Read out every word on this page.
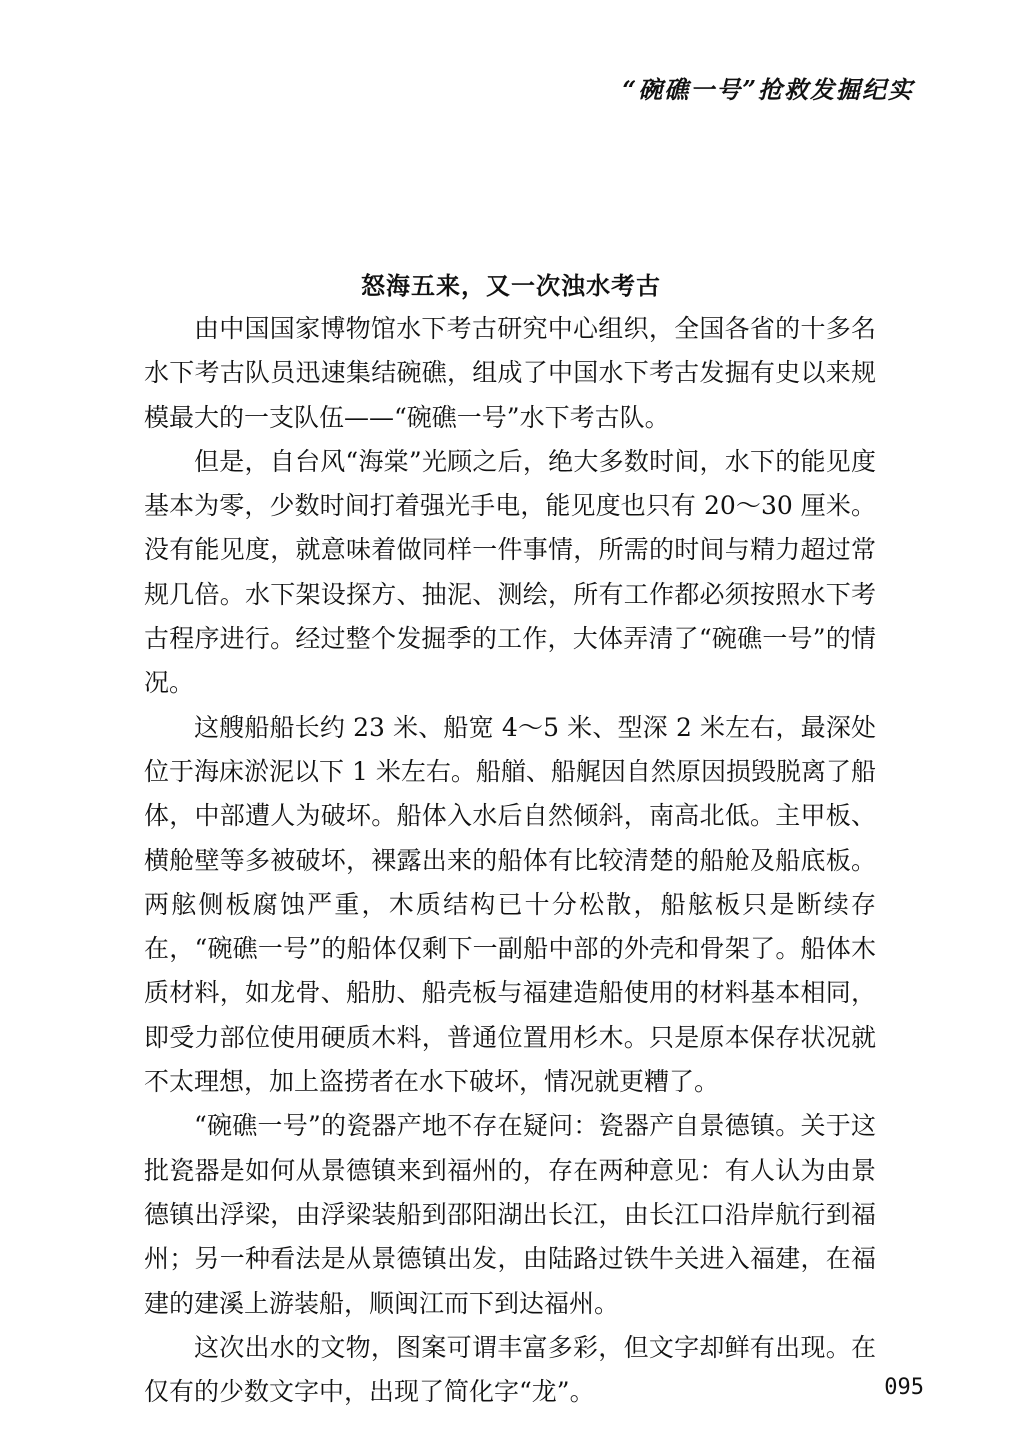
“碗礁一号”抢救发掘纪实
怒海五来，又一次浊水考古

由中国国家博物馆水下考古研究中心组织，全国各省的十多名水下考古队员迅速集结碗礁，组成了中国水下考古发掘有史以来规模最大的一支队伍——“碗礁一号”水下考古队。

但是，自台风“海棠”光顾之后，绝大多数时间，水下的能见度基本为零，少数时间打着强光手电，能见度也只有 20～30 厘米。没有能见度，就意味着做同样一件事情，所需的时间与精力超过常规几倍。水下架设探方、抽泥、测绘，所有工作都必须按照水下考古程序进行。经过整个发掘季的工作，大体弄清了“碗礁一号”的情况。

这艘船船长约 23 米、船宽 4～5 米、型深 2 米左右，最深处位于海床淤泥以下 1 米左右。船艏、船艉因自然原因损毁脱离了船体，中部遭人为破坏。船体入水后自然倾斜，南高北低。主甲板、横舱壁等多被破坏，裸露出来的船体有比较清楚的船舱及船底板。两舷侧板腐蚀严重，木质结构已十分松散，船舷板只是断续存在，“碗礁一号”的船体仅剩下一副船中部的外壳和骨架了。船体木质材料，如龙骨、船肋、船壳板与福建造船使用的材料基本相同，即受力部位使用硬质木料，普通位置用杉木。只是原本保存状况就不太理想，加上盗捞者在水下破坏，情况就更糟了。

“碗礁一号”的瓷器产地不存在疑问：瓷器产自景德镇。关于这批瓷器是如何从景德镇来到福州的，存在两种意见：有人认为由景德镇出浮梁，由浮梁装船到邵阳湖出长江，由长江口沿岸航行到福州；另一种看法是从景德镇出发，由陆路过铁牛关进入福建，在福建的建溪上游装船，顺闽江而下到达福州。

这次出水的文物，图案可谓丰富多彩，但文字却鲜有出现。在仅有的少数文字中，出现了简化字“龙”。	095
